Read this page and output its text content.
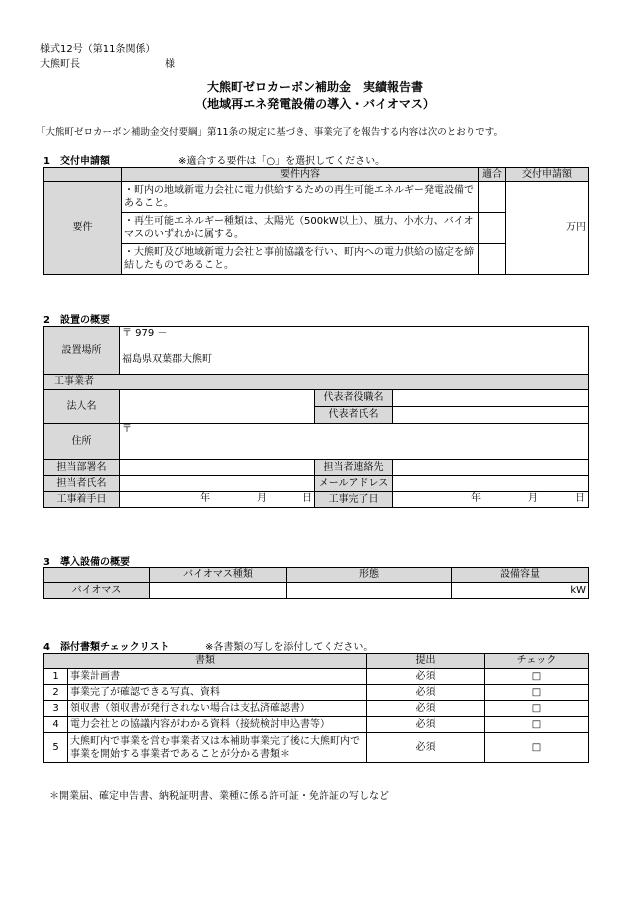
様式12号（第11条関係）
大熊町長	様
大熊町ゼロカーボン補助金　実績報告書
（地域再エネ発電設備の導入・バイオマス）
「大熊町ゼロカーボン補助金交付要綱」第11条の規定に基づき、事業完了を報告する内容は次のとおりです。
1　交付申請額	※適合する要件は「○」を選択してください。
	要件内容	適合	交付申請額
要件	・町内の地域新電力会社に電力供給するための再生可能エネルギー発電設備であること。		万円

	・再生可能エネルギー種類は、太陽光（500kW以上）、風力、小水力、バイオマスのいずれかに属する。		

	・大熊町及び地域新電力会社と事前協議を行い、町内への電力供給の協定を締結したものであること。		

2　設置の概要
設置場所	〒 979 －
福島県双葉郡大熊町		

工事業者			
法人名		代表者役職名	
		代表者氏名	
住所	〒		
担当部署名		担当者連絡先	
担当者氏名		メールアドレス	
工事着手日	年 月 日	工事完了日	年 月 日
3　導入設備の概要
	バイオマス種類	形態	設備容量
バイオマス			kW
4　添付書類チェックリスト	※各書類の写しを添付してください。
書類		提出	チェック
1	事業計画書	必須	□
2	事業完了が確認できる写真、資料	必須	□
3	領収書（領収書が発行されない場合は支払済確認書）	必須	□
4	電力会社との協議内容がわかる資料（接続検討申込書等）	必須	□
5	大熊町内で事業を営む事業者又は本補助事業完了後に大熊町内で事業を開始する事業者であることが分かる書類＊	必須	□
＊開業届、確定申告書、納税証明書、業種に係る許可証・免許証の写しなど
